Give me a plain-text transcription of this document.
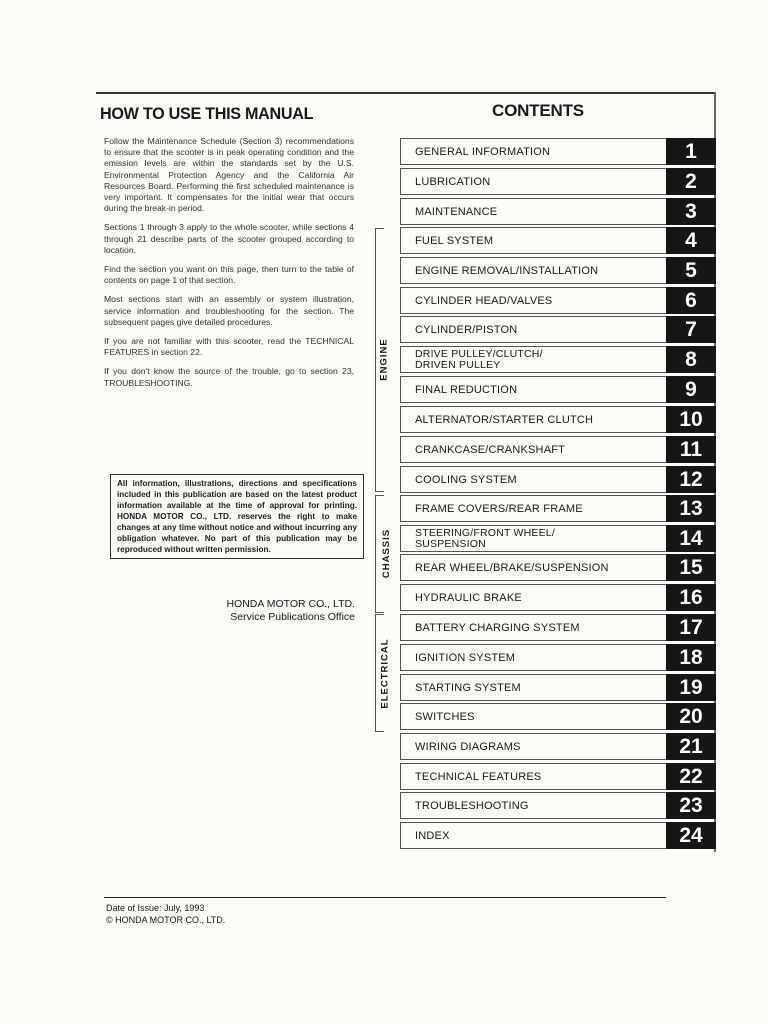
HOW TO USE THIS MANUAL	CONTENTS

Follow the Maintenance Schedule (Section 3) recommendations to ensure that the scooter is in peak operating condition and the emission levels are within the standards set by the U.S. Environmental Protection Agency and the California Air Resources Board. Performing the first scheduled maintenance is very important. It compensates for the initial wear that occurs during the break-in period.

Sections 1 through 3 apply to the whole scooter, while sections 4 through 21 describe parts of the scooter grouped according to location.

Find the section you want on this page, then turn to the table of contents on page 1 of that section.

Most sections start with an assembly or system illustration, service information and troubleshooting for the section. The subsequent pages give detailed procedures.

If you are not familiar with this scooter, read the TECHNICAL FEATURES in section 22.

If you don't know the source of the trouble, go to section 23, TROUBLESHOOTING.

All information, illustrations, directions and specifications included in this publication are based on the latest product information available at the time of approval for printing. HONDA MOTOR CO., LTD. reserves the right to make changes at any time without notice and without incurring any obligation whatever. No part of this publication may be reproduced without written permission.
HONDA MOTOR CO., LTD.
Service Publications Office
ENGINE
CHASSIS
ELECTRICAL
GENERAL INFORMATION	1
LUBRICATION	2
MAINTENANCE	3
FUEL SYSTEM	4
ENGINE REMOVAL/INSTALLATION	5
CYLINDER HEAD/VALVES	6
CYLINDER/PISTON	7
DRIVE PULLEY/CLUTCH/ DRIVEN PULLEY	8
FINAL REDUCTION	9
ALTERNATOR/STARTER CLUTCH	10
CRANKCASE/CRANKSHAFT	11
COOLING SYSTEM	12
FRAME COVERS/REAR FRAME	13
STEERING/FRONT WHEEL/ SUSPENSION	14
REAR WHEEL/BRAKE/SUSPENSION	15
HYDRAULIC BRAKE	16
BATTERY CHARGING SYSTEM	17
IGNITION SYSTEM	18
STARTING SYSTEM	19
SWITCHES	20
WIRING DIAGRAMS	21
TECHNICAL FEATURES	22
TROUBLESHOOTING	23
INDEX	24
Date of Issue: July, 1993
© HONDA MOTOR CO., LTD.
